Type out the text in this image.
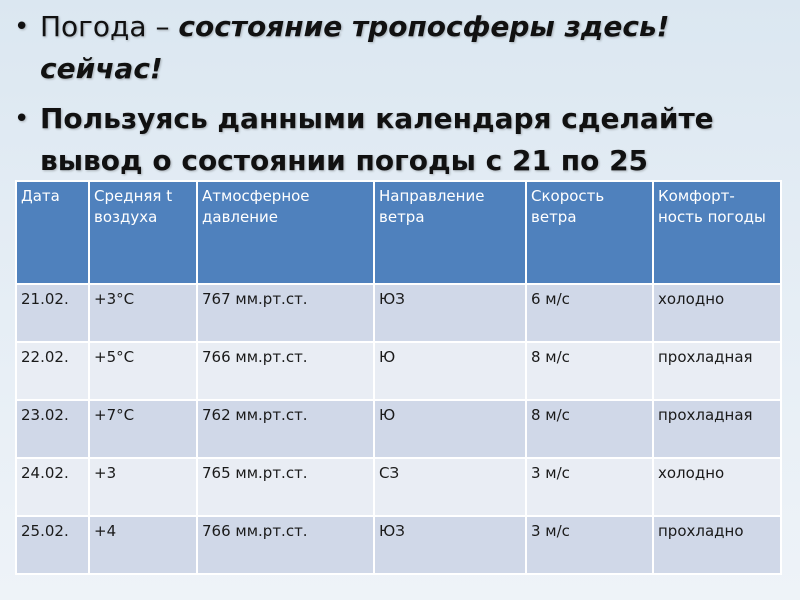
• Погода – состояние тропосферы здесь! сейчас!
• Пользуясь данными календаря сделайте вывод о состоянии погоды с 21 по 25
Дата	Средняя t воздуха	Атмосферное давление	Направление ветра	Скорость ветра	Комфорт-ность погоды
21.02.	+3°С	767 мм.рт.ст.	ЮЗ	6 м/с	холодно
22.02.	+5°С	766 мм.рт.ст.	Ю	8 м/с	прохладная
23.02.	+7°С	762 мм.рт.ст.	Ю	8 м/с	прохладная
24.02.	+3	765 мм.рт.ст.	СЗ	3 м/с	холодно
25.02.	+4	766 мм.рт.ст.	ЮЗ	3 м/с	прохладно
